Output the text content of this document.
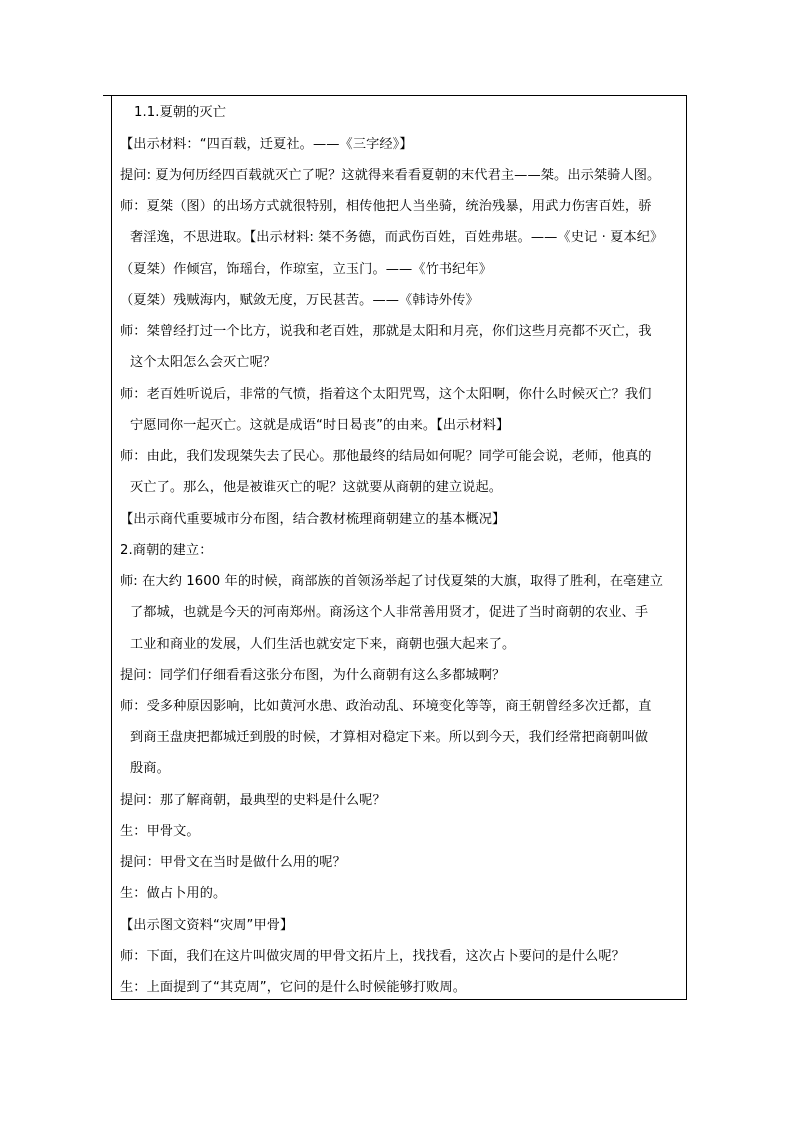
1.1.夏朝的灭亡
【出示材料：“四百载，迁夏社。——《三字经》】
提问: 夏为何历经四百载就灭亡了呢？这就得来看看夏朝的末代君主——桀。出示桀骑人图。
师：夏桀（图）的出场方式就很特别，相传他把人当坐骑，统治残暴，用武力伤害百姓，骄
奢淫逸，不思进取。【出示材料: 桀不务德，而武伤百姓，百姓弗堪。——《史记 · 夏本纪》
（夏桀）作倾宫，饰瑶台，作琼室，立玉门。——《竹书纪年》
（夏桀）残贼海内，赋敛无度，万民甚苦。——《韩诗外传》
师：桀曾经打过一个比方，说我和老百姓，那就是太阳和月亮，你们这些月亮都不灭亡，我
这个太阳怎么会灭亡呢？
师：老百姓听说后，非常的气愤，指着这个太阳咒骂，这个太阳啊，你什么时候灭亡？我们
宁愿同你一起灭亡。这就是成语“时日曷丧”的由来。【出示材料】
师：由此，我们发现桀失去了民心。那他最终的结局如何呢？同学可能会说，老师，他真的
灭亡了。那么，他是被谁灭亡的呢？这就要从商朝的建立说起。
【出示商代重要城市分布图，结合教材梳理商朝建立的基本概况】
2.商朝的建立：
师: 在大约 1600 年的时候，商部族的首领汤举起了讨伐夏桀的大旗，取得了胜利，在亳建立
了都城，也就是今天的河南郑州。商汤这个人非常善用贤才，促进了当时商朝的农业、手
工业和商业的发展，人们生活也就安定下来，商朝也强大起来了。
提问：同学们仔细看看这张分布图，为什么商朝有这么多都城啊？
师：受多种原因影响，比如黄河水患、政治动乱、环境变化等等，商王朝曾经多次迁都，直
到商王盘庚把都城迁到殷的时候，才算相对稳定下来。所以到今天，我们经常把商朝叫做
殷商。
提问：那了解商朝，最典型的史料是什么呢？
生：甲骨文。
提问：甲骨文在当时是做什么用的呢？
生：做占卜用的。
【出示图文资料“灾周”甲骨】
师：下面，我们在这片叫做灾周的甲骨文拓片上，找找看，这次占卜要问的是什么呢？
生：上面提到了“其克周”，它问的是什么时候能够打败周。
